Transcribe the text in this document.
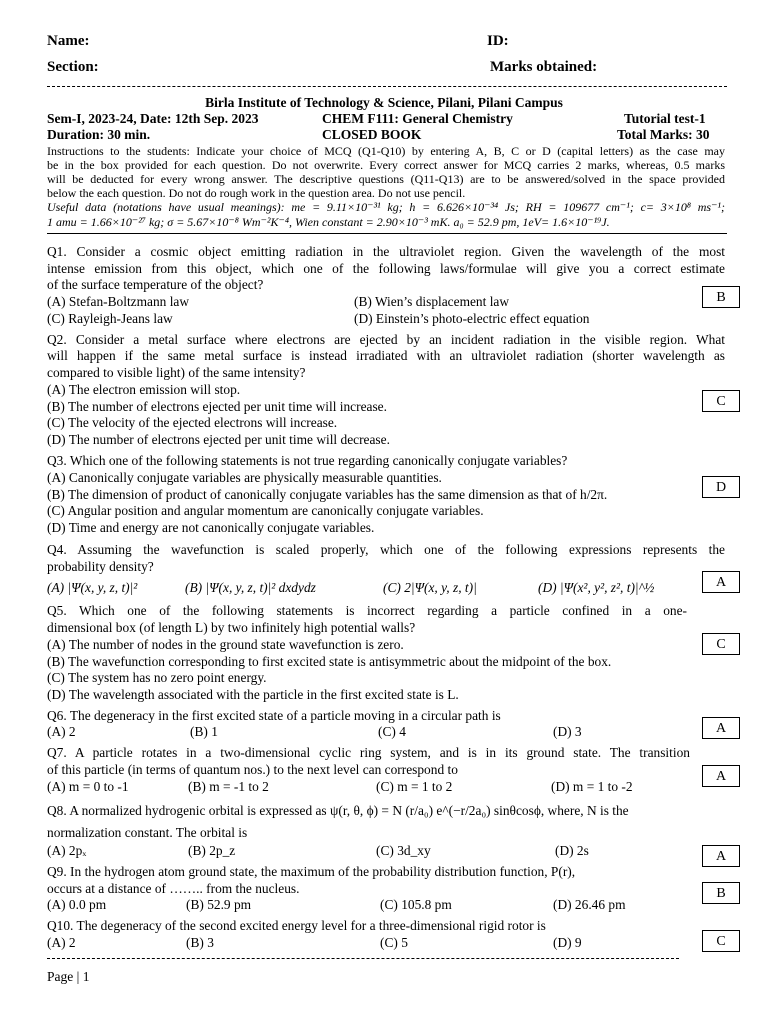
Name:	ID:
Section:	Marks obtained:
Birla Institute of Technology & Science, Pilani, Pilani Campus
Sem-I, 2023-24, Date: 12th Sep. 2023	CHEM F111: General Chemistry	Tutorial test-1
Duration: 30 min.	CLOSED BOOK	Total Marks: 30
Instructions to the students: Indicate your choice of MCQ (Q1-Q10) by entering A, B, C or D (capital letters) as the case may
be in the box provided for each question. Do not overwrite. Every correct answer for MCQ carries 2 marks, whereas, 0.5 marks
will be deducted for every wrong answer. The descriptive questions (Q11-Q13) are to be answered/solved in the space provided
below the each question. Do not do rough work in the question area. Do not use pencil.
Useful data (notations have usual meanings): me = 9.11×10⁻³¹ kg; h = 6.626×10⁻³⁴ Js; RH = 109677 cm⁻¹; c= 3×10⁸ ms⁻¹;
1 amu = 1.66×10⁻²⁷ kg; σ = 5.67×10⁻⁸ Wm⁻²K⁻⁴, Wien constant = 2.90×10⁻³ mK. a₀ = 52.9 pm, 1eV= 1.6×10⁻¹⁹J.
Q1. Consider a cosmic object emitting radiation in the ultraviolet region. Given the wavelength of the most
intense emission from this object, which one of the following laws/formulae will give you a correct estimate
of the surface temperature of the object?
(A) Stefan-Boltzmann law	(B) Wien’s displacement law
(C) Rayleigh-Jeans law	(D) Einstein’s photo-electric effect equation
B
Q2. Consider a metal surface where electrons are ejected by an incident radiation in the visible region. What
will happen if the same metal surface is instead irradiated with an ultraviolet radiation (shorter wavelength as
compared to visible light) of the same intensity?
(A) The electron emission will stop.
(B) The number of electrons ejected per unit time will increase.
(C) The velocity of the ejected electrons will increase.
(D) The number of electrons ejected per unit time will decrease.
C
Q3. Which one of the following statements is not true regarding canonically conjugate variables?
(A) Canonically conjugate variables are physically measurable quantities.
(B) The dimension of product of canonically conjugate variables has the same dimension as that of h/2π.
(C) Angular position and angular momentum are canonically conjugate variables.
(D) Time and energy are not canonically conjugate variables.
D
Q4. Assuming the wavefunction is scaled properly, which one of the following expressions represents the
probability density?
(A) |Ψ(x, y, z, t)|²	(B) |Ψ(x, y, z, t)|² dxdydz	(C) 2|Ψ(x, y, z, t)|	(D) |Ψ(x², y², z², t)|^½	A
Q5. Which one of the following statements is incorrect regarding a particle confined in a one-
dimensional box (of length L) by two infinitely high potential walls?
(A) The number of nodes in the ground state wavefunction is zero.
(B) The wavefunction corresponding to first excited state is antisymmetric about the midpoint of the box.
(C) The system has no zero point energy.
(D) The wavelength associated with the particle in the first excited state is L.
C
Q6. The degeneracy in the first excited state of a particle moving in a circular path is
(A) 2	(B) 1	(C) 4	(D) 3	A
Q7. A particle rotates in a two-dimensional cyclic ring system, and is in its ground state. The transition
of this particle (in terms of quantum nos.) to the next level can correspond to
(A) m = 0 to -1	(B) m = -1 to 2	(C) m = 1 to 2	(D) m = 1 to -2
A
Q8. A normalized hydrogenic orbital is expressed as ψ(r, θ, ϕ) = N (r/a₀) e^(−r/2a₀) sinθcosϕ, where, N is the
normalization constant. The orbital is
(A) 2pₓ	(B) 2p_z	(C) 3d_xy	(D) 2s	A
Q9. In the hydrogen atom ground state, the maximum of the probability distribution function, P(r),
occurs at a distance of …….. from the nucleus.
(A) 0.0 pm	(B) 52.9 pm	(C) 105.8 pm	(D) 26.46 pm
B
Q10. The degeneracy of the second excited energy level for a three-dimensional rigid rotor is
(A) 2	(B) 3	(C) 5	(D) 9	C
Page | 1
